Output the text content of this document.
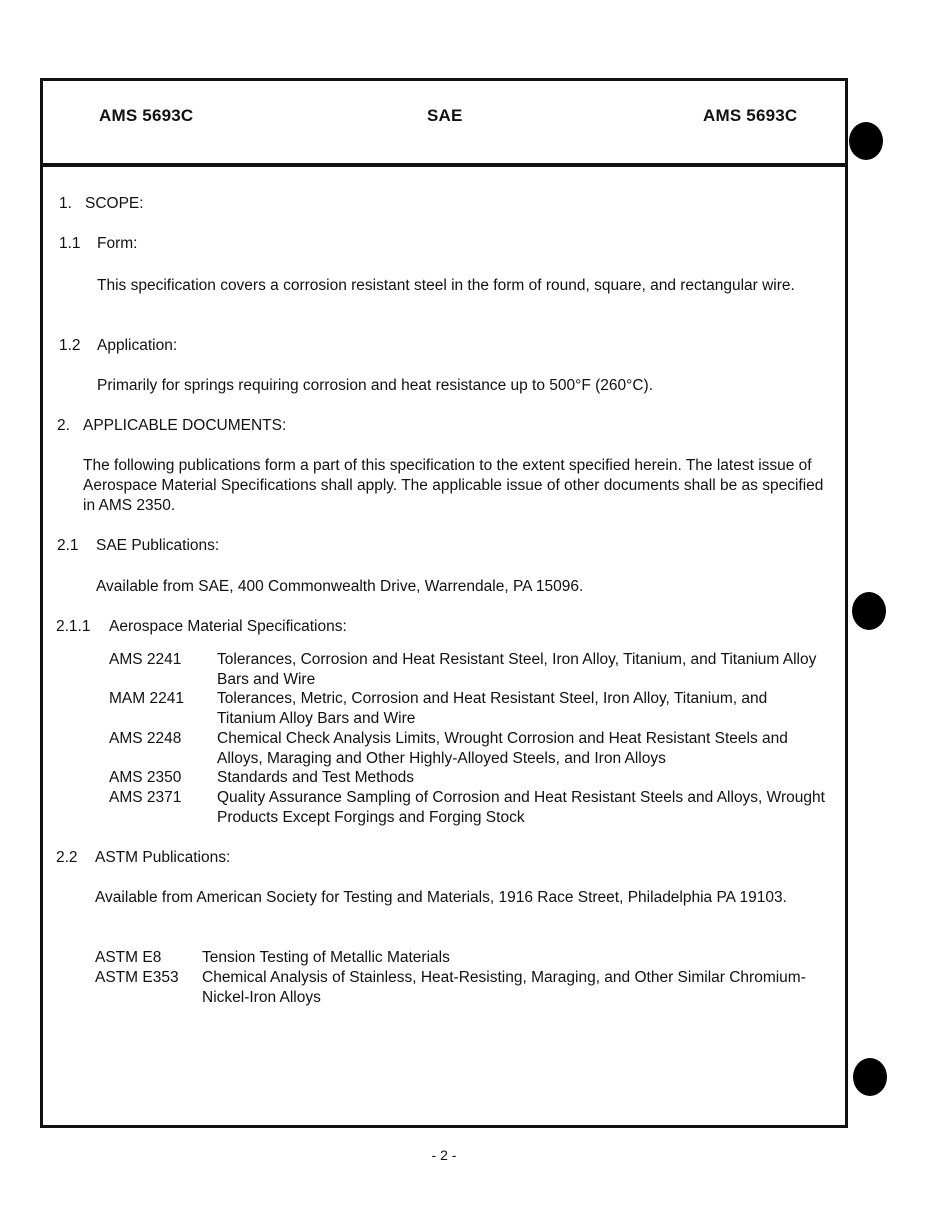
AMS 5693C	SAE	AMS 5693C
1. SCOPE:
1.1 Form:
This specification covers a corrosion resistant steel in the form of round, square, and rectangular wire.
1.2 Application:
Primarily for springs requiring corrosion and heat resistance up to 500°F (260°C).
2. APPLICABLE DOCUMENTS:
The following publications form a part of this specification to the extent specified herein. The latest issue of Aerospace Material Specifications shall apply. The applicable issue of other documents shall be as specified in AMS 2350.
2.1 SAE Publications:
Available from SAE, 400 Commonwealth Drive, Warrendale, PA 15096.
2.1.1 Aerospace Material Specifications:
AMS 2241 Tolerances, Corrosion and Heat Resistant Steel, Iron Alloy, Titanium, and Titanium Alloy Bars and Wire
MAM 2241 Tolerances, Metric, Corrosion and Heat Resistant Steel, Iron Alloy, Titanium, and Titanium Alloy Bars and Wire
AMS 2248 Chemical Check Analysis Limits, Wrought Corrosion and Heat Resistant Steels and Alloys, Maraging and Other Highly-Alloyed Steels, and Iron Alloys
AMS 2350 Standards and Test Methods
AMS 2371 Quality Assurance Sampling of Corrosion and Heat Resistant Steels and Alloys, Wrought Products Except Forgings and Forging Stock
2.2 ASTM Publications:
Available from American Society for Testing and Materials, 1916 Race Street, Philadelphia PA 19103.
ASTM E8	Tension Testing of Metallic Materials
ASTM E353 Chemical Analysis of Stainless, Heat-Resisting, Maraging, and Other Similar Chromium-Nickel-Iron Alloys
- 2 -
